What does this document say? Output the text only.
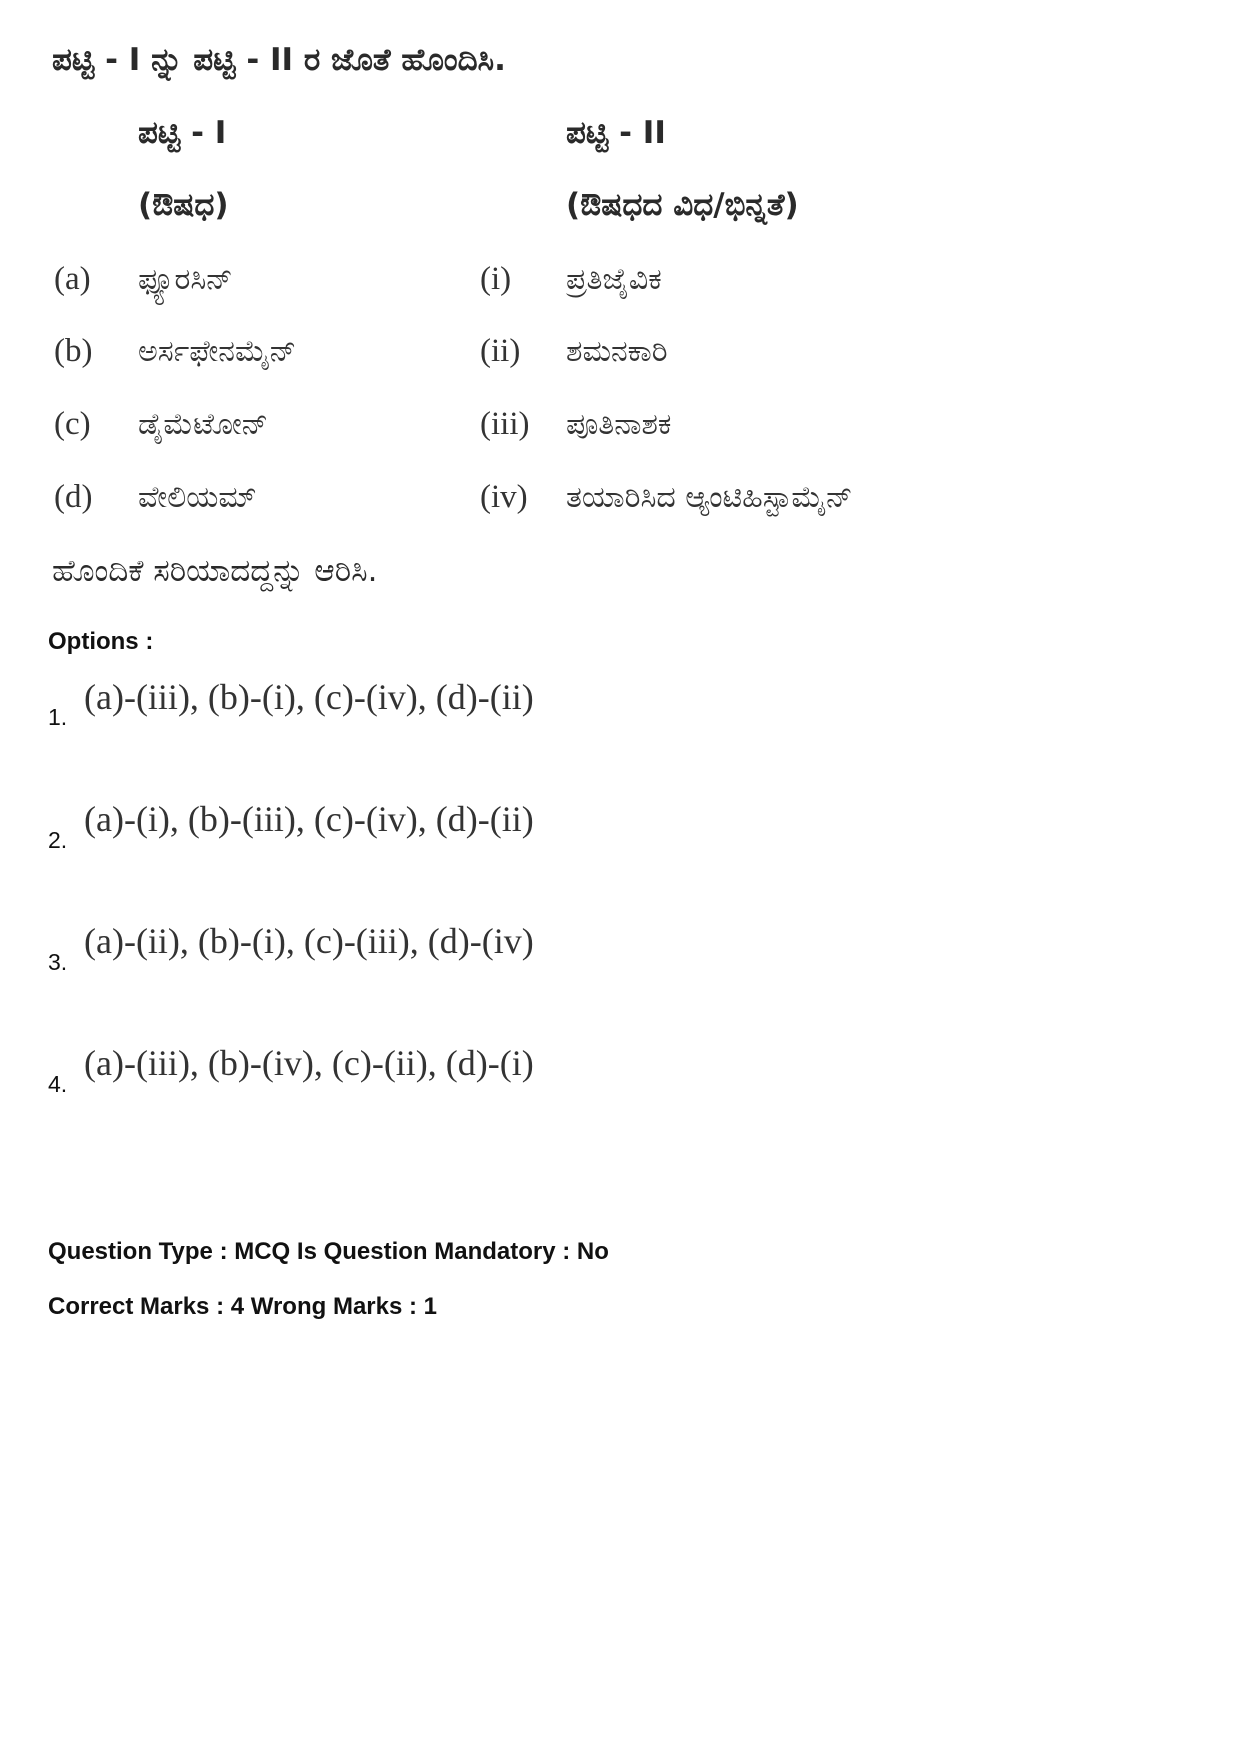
ಪಟ್ಟಿ - I ನ್ನು ಪಟ್ಟಿ - II ರ ಜೊತೆ ಹೊಂದಿಸಿ.
ಪಟ್ಟಿ - I	ಪಟ್ಟಿ - II
(ಔಷಧ)	(ಔಷಧದ ವಿಧ/ಭಿನ್ನತೆ)
(a) ಫ್ಯೂರಸಿನ್	(i) ಪ್ರತಿಜೈವಿಕ
(b) ಅರ್ಸಫೇನಮೈನ್	(ii) ಶಮನಕಾರಿ
(c) ಡೈಮೆಟೋನ್	(iii) ಪೂತಿನಾಶಕ
(d) ವೇಲಿಯಮ್	(iv) ತಯಾರಿಸಿದ ಆ್ಯಂಟಿಹಿಸ್ಟಾಮೈನ್
ಹೊಂದಿಕೆ ಸರಿಯಾದದ್ದನ್ನು ಆರಿಸಿ.
Options :
1. (a)-(iii), (b)-(i), (c)-(iv), (d)-(ii)
2.
(a)-(i), (b)-(iii), (c)-(iv), (d)-(ii)
3.
(a)-(ii), (b)-(i), (c)-(iii), (d)-(iv)
4.
(a)-(iii), (b)-(iv), (c)-(ii), (d)-(i)
Question Type : MCQ Is Question Mandatory : No
Correct Marks : 4 Wrong Marks : 1
